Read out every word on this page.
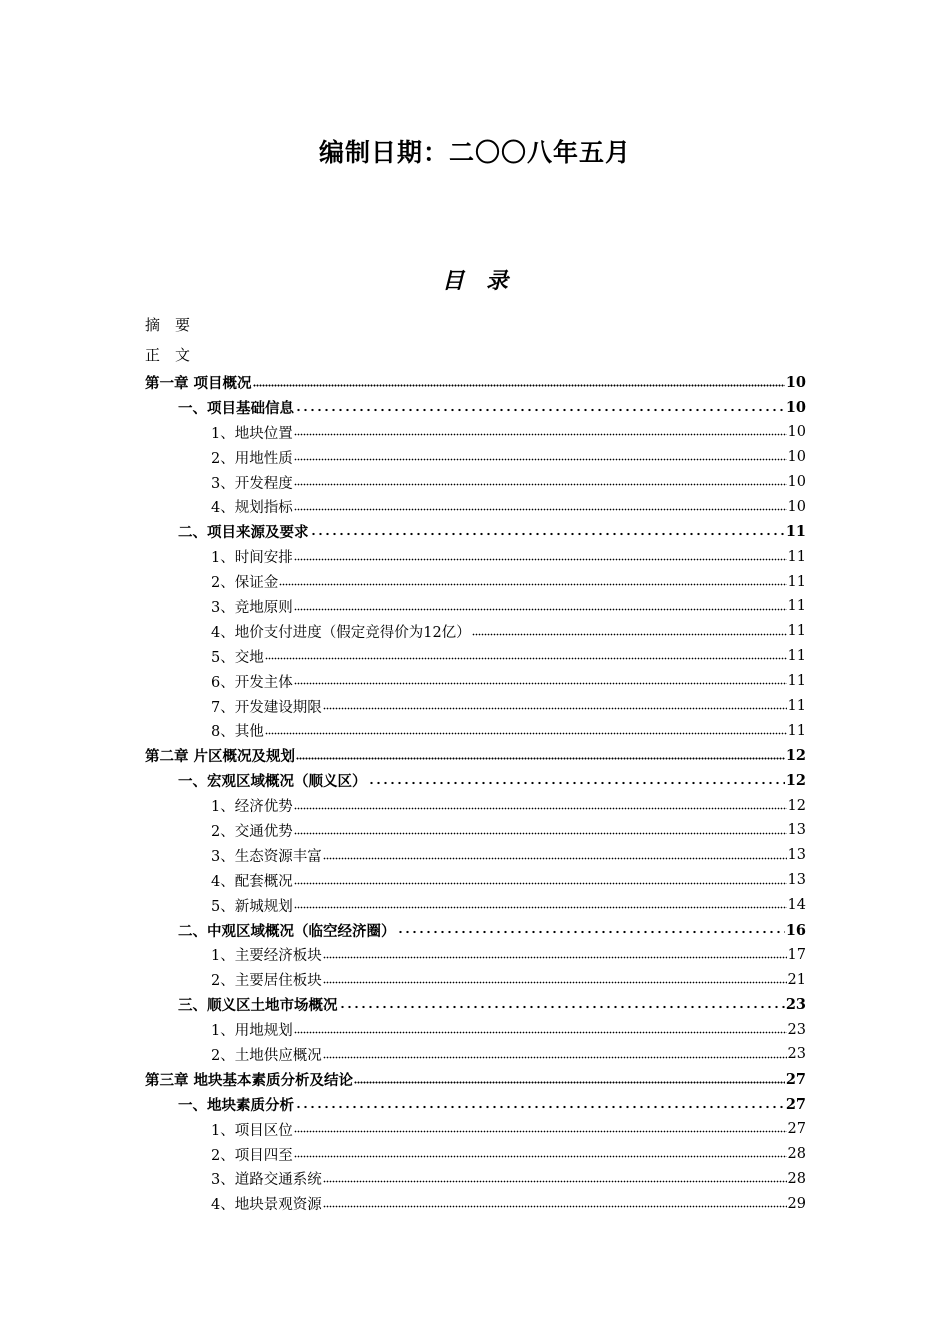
编制日期：二〇〇八年五月
目　录
摘　要
正　文
第一章 项目概况	10
一、项目基础信息	10
1、地块位置	10
2、用地性质	10
3、开发程度	10
4、规划指标	10
二、项目来源及要求	11
1、时间安排	11
2、保证金	11
3、竞地原则	11
4、地价支付进度（假定竞得价为12亿）	11
5、交地	11
6、开发主体	11
7、开发建设期限	11
8、其他	11
第二章 片区概况及规划	12
一、宏观区域概况（顺义区）	12
1、经济优势	12
2、交通优势	13
3、生态资源丰富	13
4、配套概况	13
5、新城规划	14
二、中观区域概况（临空经济圈）	16
1、主要经济板块	17
2、主要居住板块	21
三、顺义区土地市场概况	23
1、用地规划	23
2、土地供应概况	23
第三章 地块基本素质分析及结论	27
一、地块素质分析	27
1、项目区位	27
2、项目四至	28
3、道路交通系统	28
4、地块景观资源	29
